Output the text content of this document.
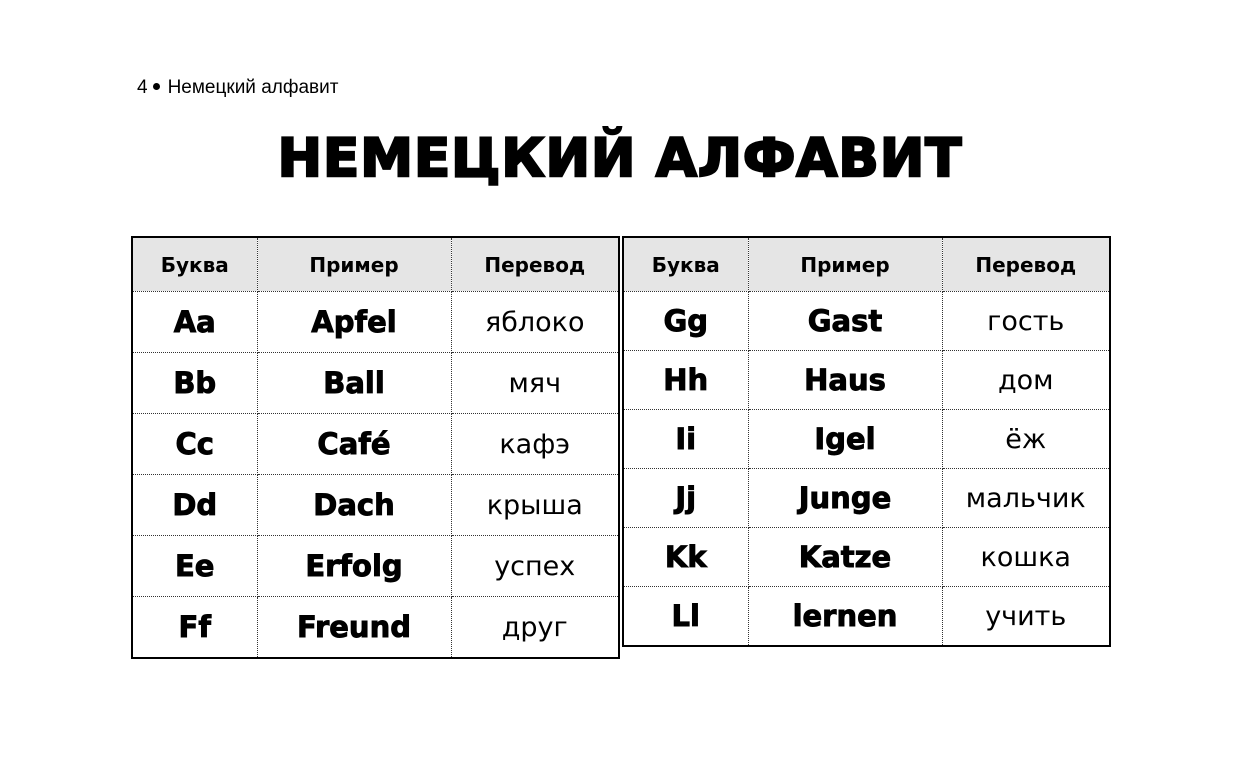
4 Немецкий алфавит
НЕМЕЦКИЙ АЛФАВИТ
Буква	Пример	Перевод
Aa	Apfel	яблоко
Bb	Ball	мяч
Cc	Café	кафэ
Dd	Dach	крыша
Ee	Erfolg	успех
Ff	Freund	друг
Буква	Пример	Перевод
Gg	Gast	гость
Hh	Haus	дом
Ii	Igel	ёж
Jj	Junge	мальчик
Kk	Katze	кошка
Ll	lernen	учить
